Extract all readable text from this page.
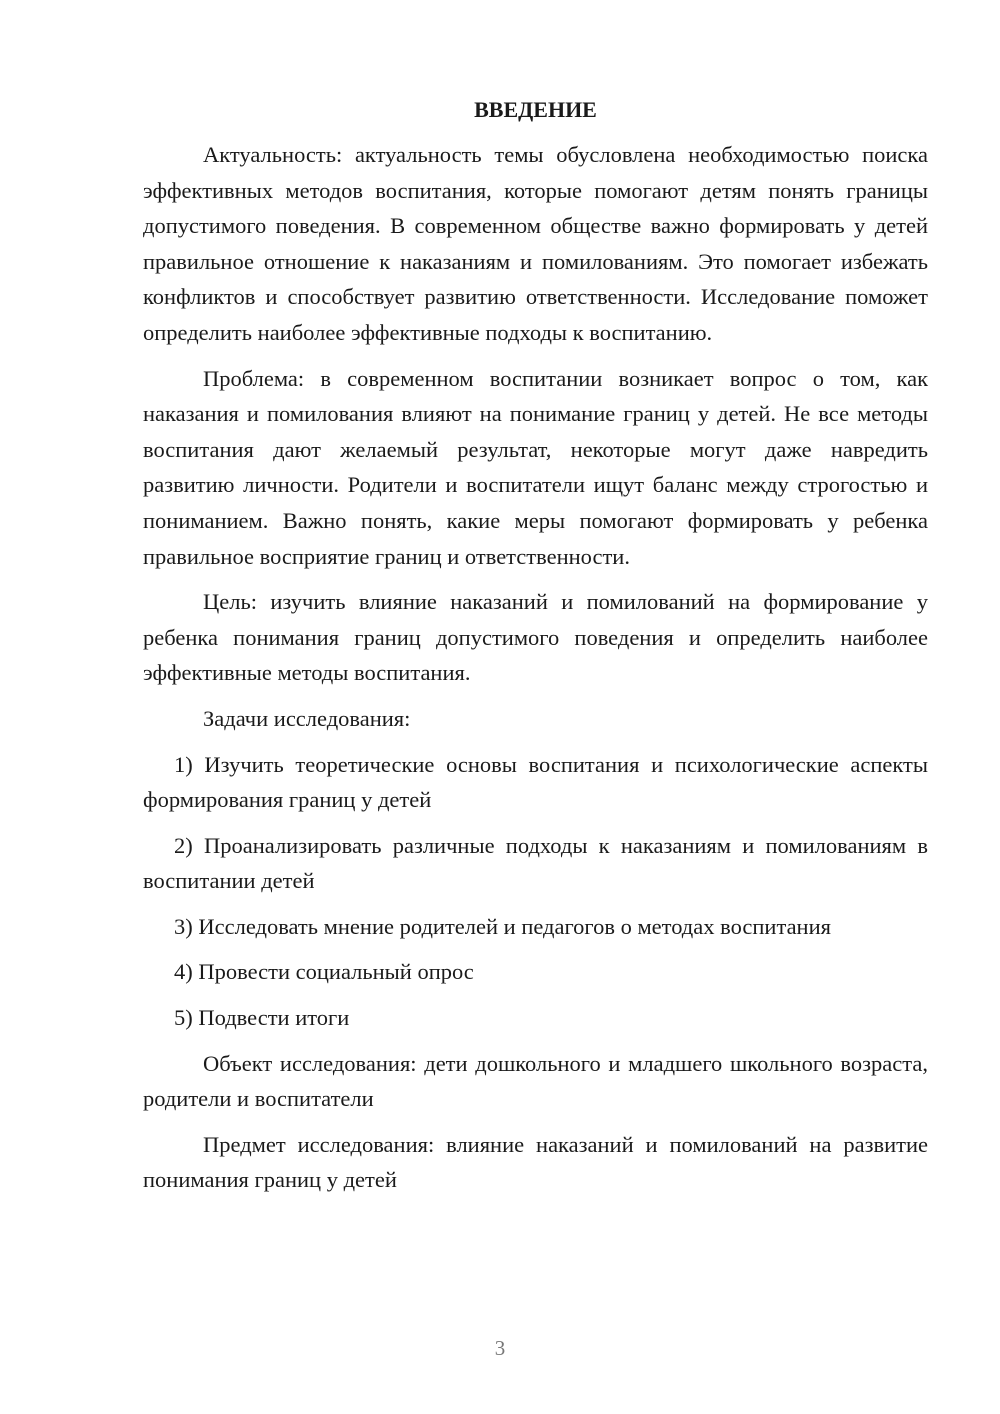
ВВЕДЕНИЕ

Актуальность: актуальность темы обусловлена необходимостью поиска эффективных методов воспитания, которые помогают детям понять границы допустимого поведения. В современном обществе важно формировать у детей правильное отношение к наказаниям и помилованиям. Это помогает избежать конфликтов и способствует развитию ответственности. Исследование поможет определить наиболее эффективные подходы к воспитанию.

Проблема: в современном воспитании возникает вопрос о том, как наказания и помилования влияют на понимание границ у детей. Не все методы воспитания дают желаемый результат, некоторые могут даже навредить развитию личности. Родители и воспитатели ищут баланс между строгостью и пониманием. Важно понять, какие меры помогают формировать у ребенка правильное восприятие границ и ответственности.

Цель: изучить влияние наказаний и помилований на формирование у ребенка понимания границ допустимого поведения и определить наиболее эффективные методы воспитания.

Задачи исследования:

1) Изучить теоретические основы воспитания и психологические аспекты формирования границ у детей

2) Проанализировать различные подходы к наказаниям и помилованиям в воспитании детей

3) Исследовать мнение родителей и педагогов о методах воспитания

4) Провести социальный опрос

5) Подвести итоги

Объект исследования: дети дошкольного и младшего школьного возраста, родители и воспитатели

Предмет исследования: влияние наказаний и помилований на развитие понимания границ у детей

3
